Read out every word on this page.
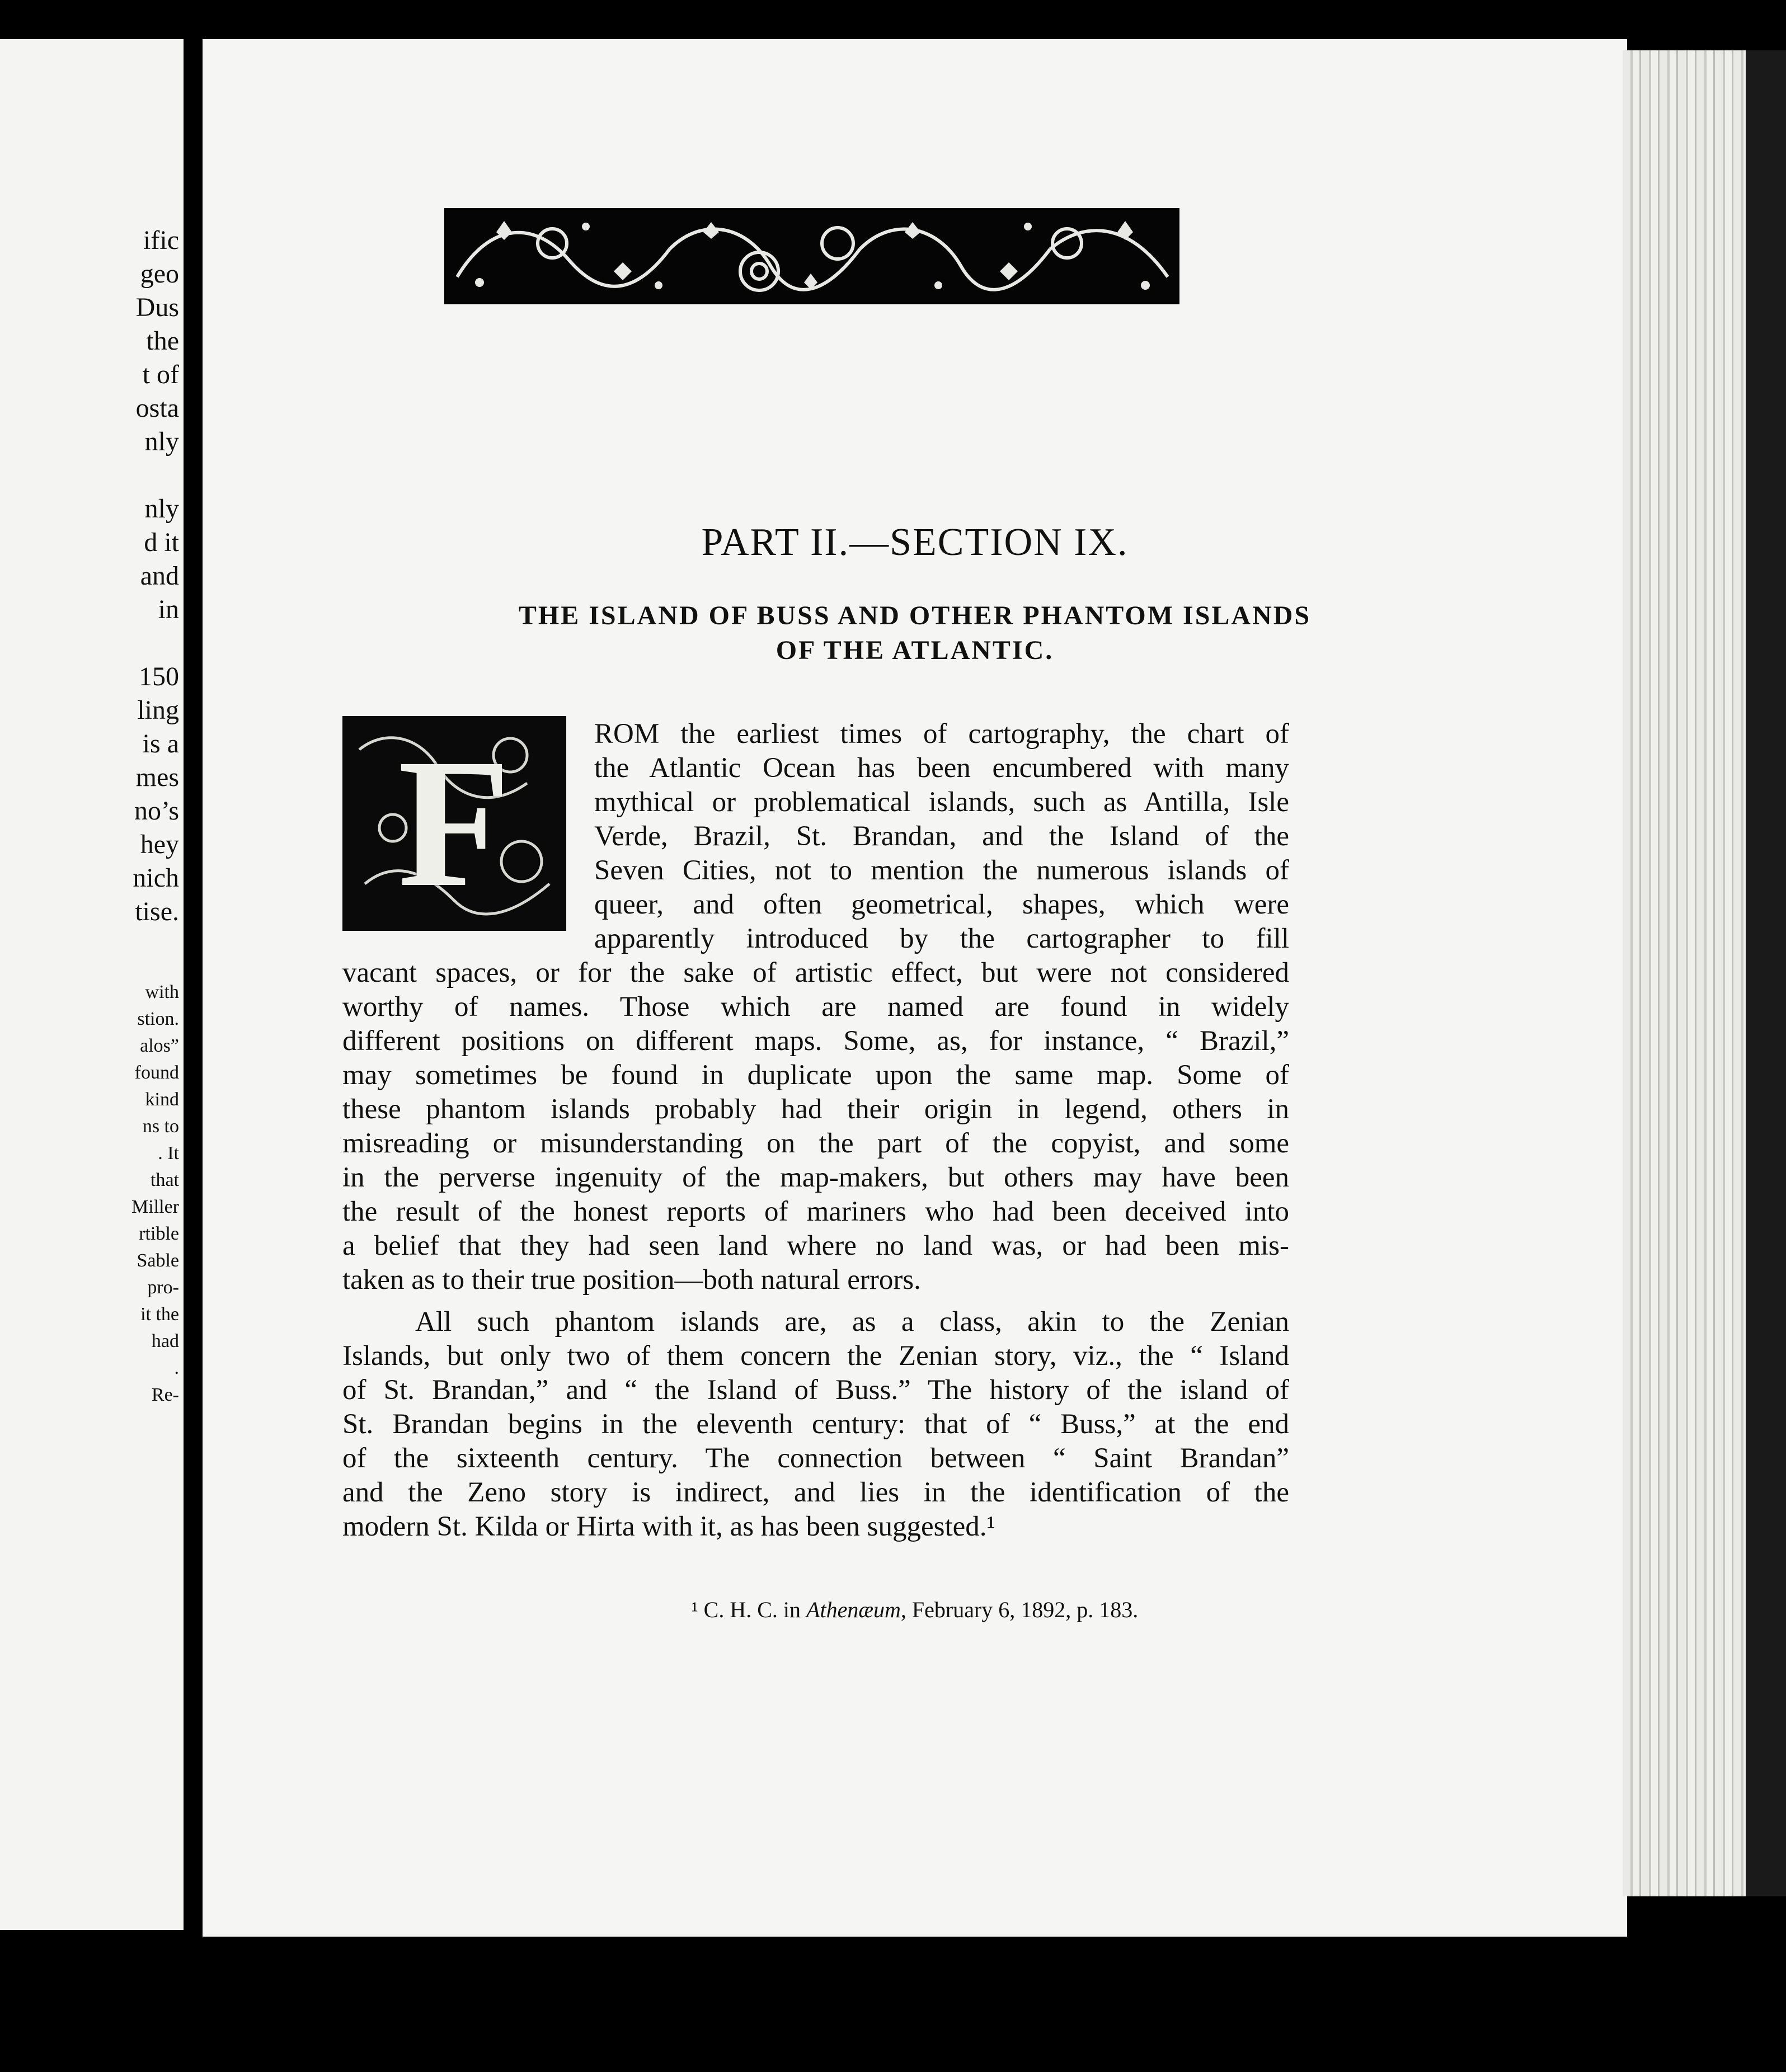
ific
geo
Dus
the
t of
osta
nly
nly
d it
and
in
150
ling
is a
mes
no’s
hey
nich
tise.
with
stion.
alos”
found
kind
ns to
. It
that
Miller
rtible
Sable
pro-
it the
had
.
Re-
PART II.—SECTION IX.
THE ISLAND OF BUSS AND OTHER PHANTOM ISLANDS
OF THE ATLANTIC.
F	ROM the earliest times of cartography, the chart of
the Atlantic Ocean has been encumbered with many
mythical or problematical islands, such as Antilla, Isle
Verde, Brazil, St. Brandan, and the Island of the
Seven Cities, not to mention the numerous islands of
queer, and often geometrical, shapes, which were
apparently introduced by the cartographer to fill
vacant spaces, or for the sake of artistic effect, but were not considered
worthy of names. Those which are named are found in widely
different positions on different maps. Some, as, for instance, “ Brazil,”
may sometimes be found in duplicate upon the same map. Some of
these phantom islands probably had their origin in legend, others in
misreading or misunderstanding on the part of the copyist, and some
in the perverse ingenuity of the map-makers, but others may have been
the result of the honest reports of mariners who had been deceived into
a belief that they had seen land where no land was, or had been mis-
taken as to their true position—both natural errors.
All such phantom islands are, as a class, akin to the Zenian
Islands, but only two of them concern the Zenian story, viz., the “ Island
of St. Brandan,” and “ the Island of Buss.” The history of the island of
St. Brandan begins in the eleventh century: that of “ Buss,” at the end
of the sixteenth century. The connection between “ Saint Brandan”
and the Zeno story is indirect, and lies in the identification of the
modern St. Kilda or Hirta with it, as has been suggested.¹
¹ C. H. C. in Athenæum, February 6, 1892, p. 183.
